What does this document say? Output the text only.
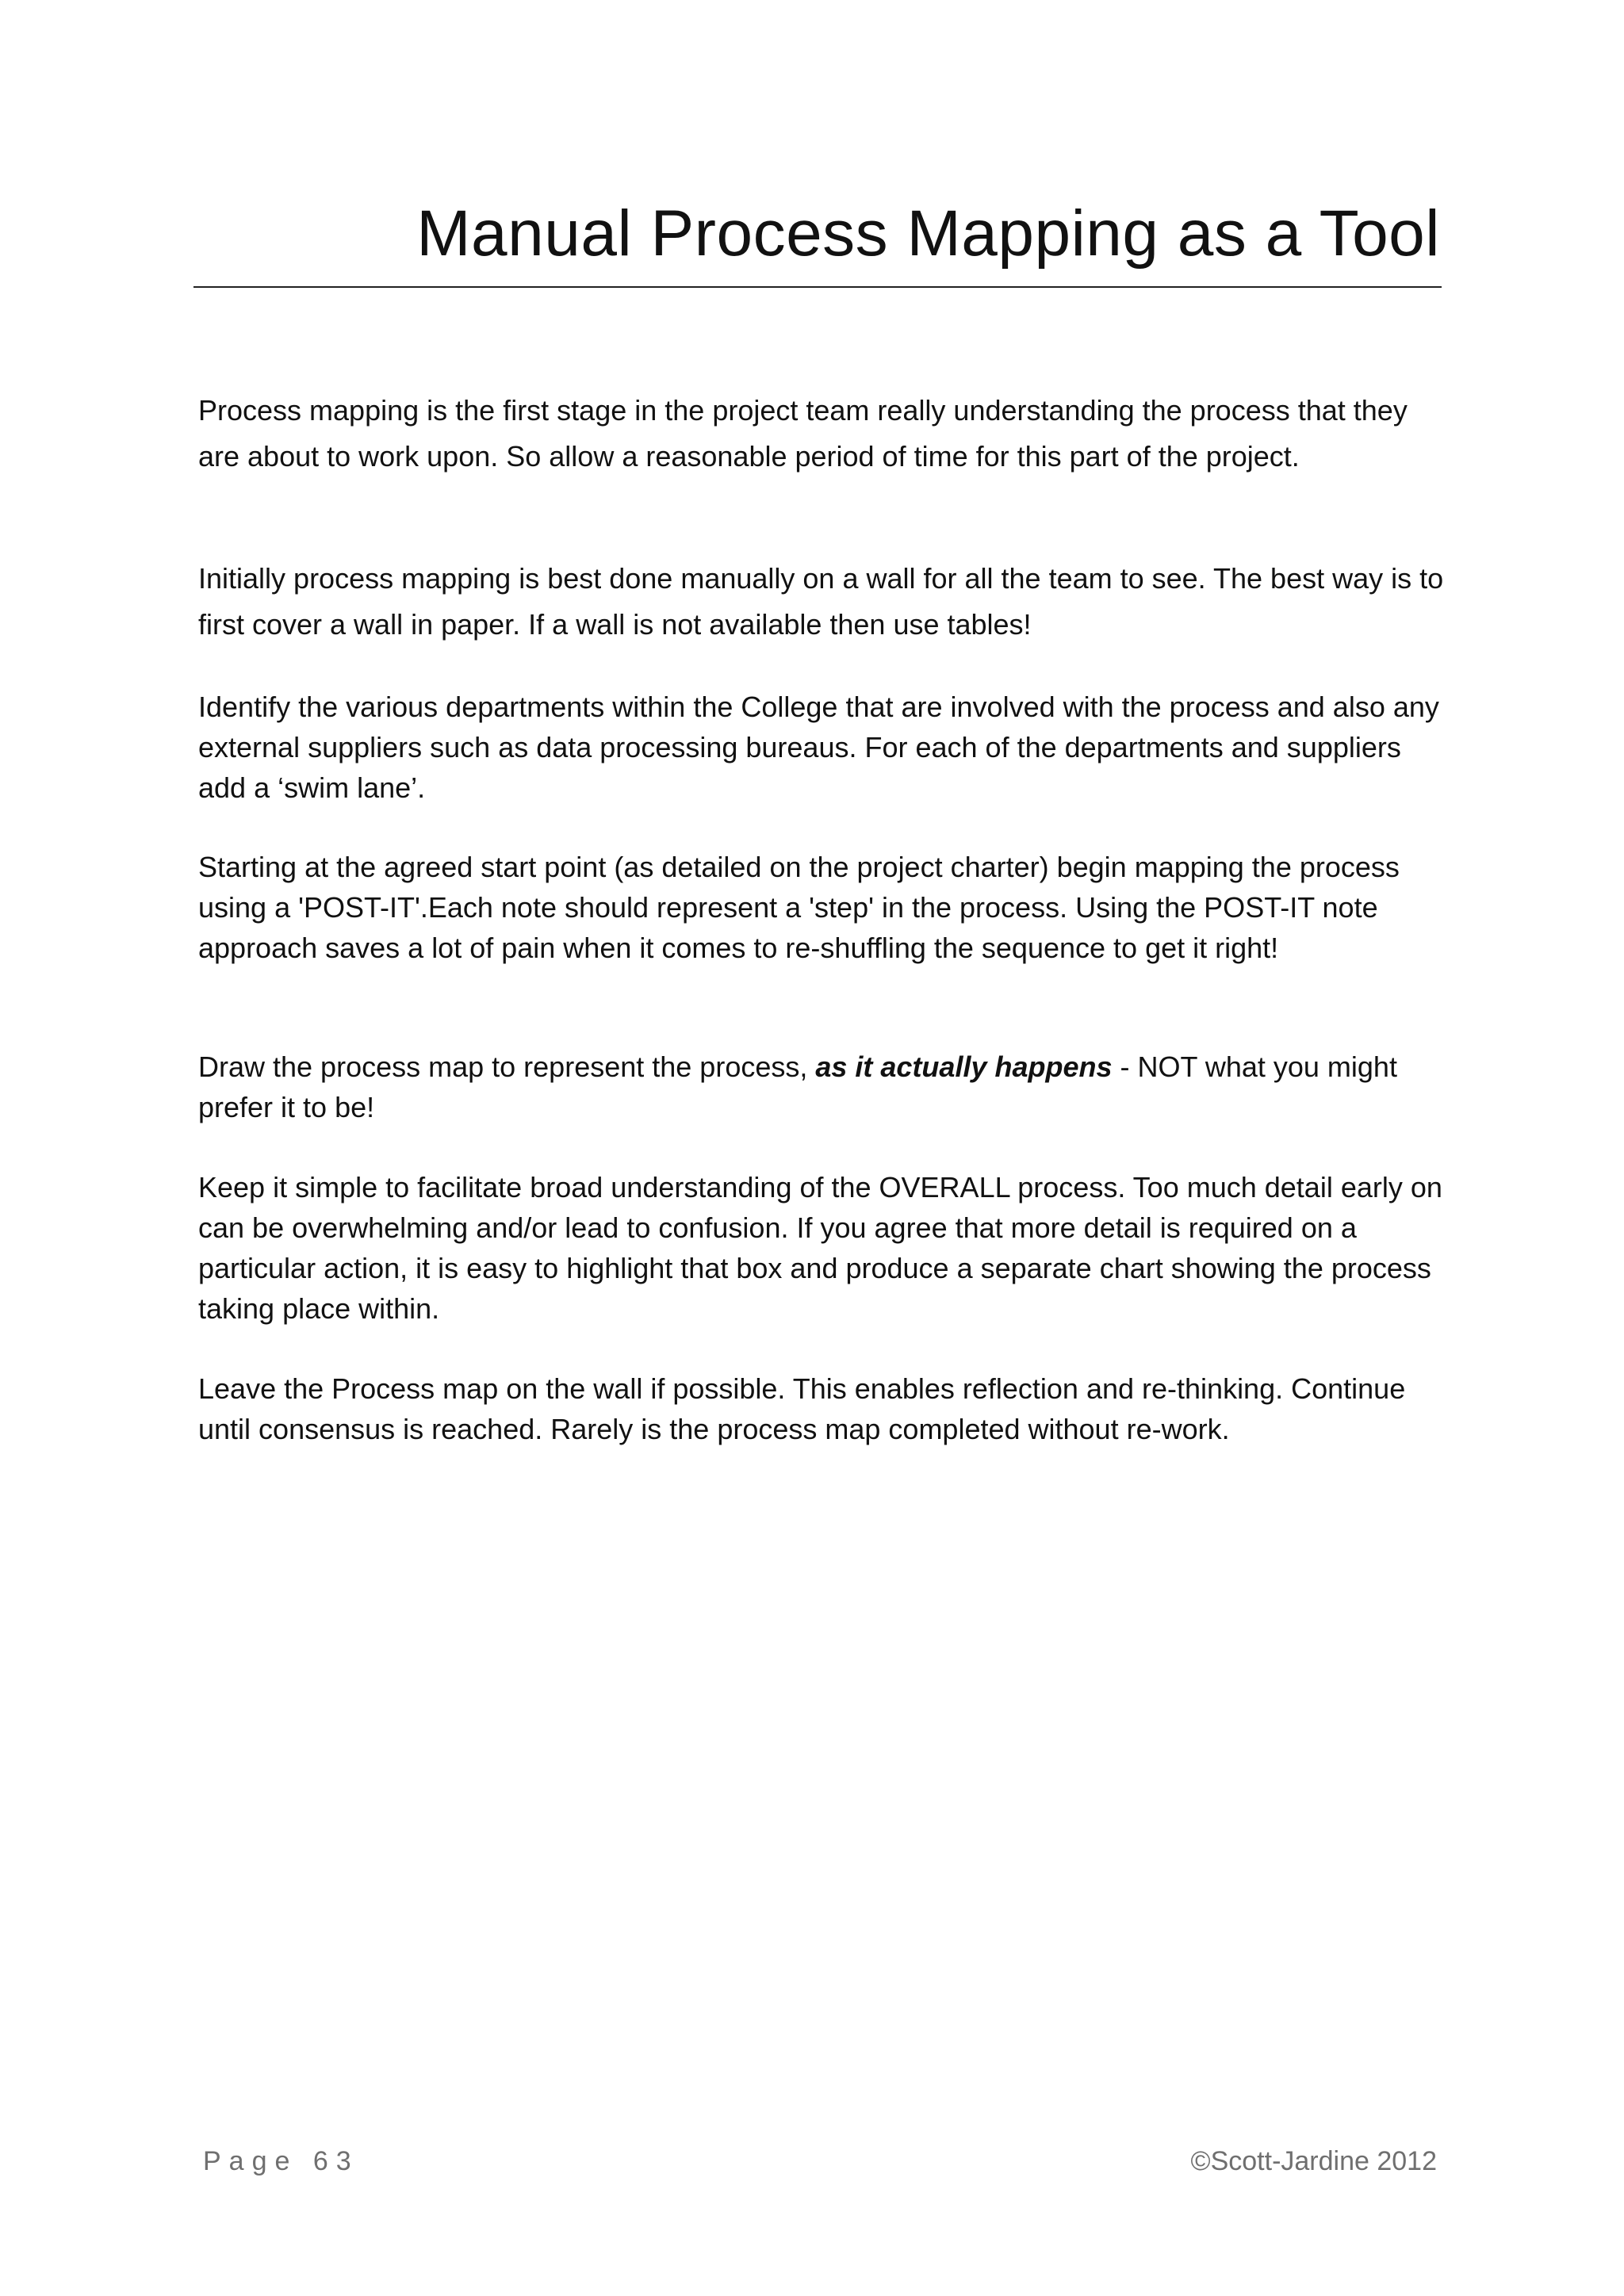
Manual Process Mapping as a Tool

Process mapping is the first stage in the project team really understanding the process that they are about to work upon. So allow a reasonable period of time for this part of the project.

Initially process mapping is best done manually on a wall for all the team to see. The best way is to first cover a wall in paper. If a wall is not available then use tables!

Identify the various departments within the College that are involved with the process and also any external suppliers such as data processing bureaus. For each of the departments and suppliers add a ‘swim lane’.

Starting at the agreed start point (as detailed on the project charter) begin mapping the process using a 'POST-IT'.Each note should represent a 'step' in the process. Using the POST-IT note approach saves a lot of pain when it comes to re-shuffling the sequence to get it right!

Draw the process map to represent the process, as it actually happens - NOT what you might prefer it to be!

Keep it simple to facilitate broad understanding of the OVERALL process. Too much detail early on can be overwhelming and/or lead to confusion. If you agree that more detail is required on a particular action, it is easy to highlight that box and produce a separate chart showing the process taking place within.

Leave the Process map on the wall if possible. This enables reflection and re-thinking. Continue until consensus is reached. Rarely is the process map completed without re-work.

Page 63	©Scott-Jardine 2012
